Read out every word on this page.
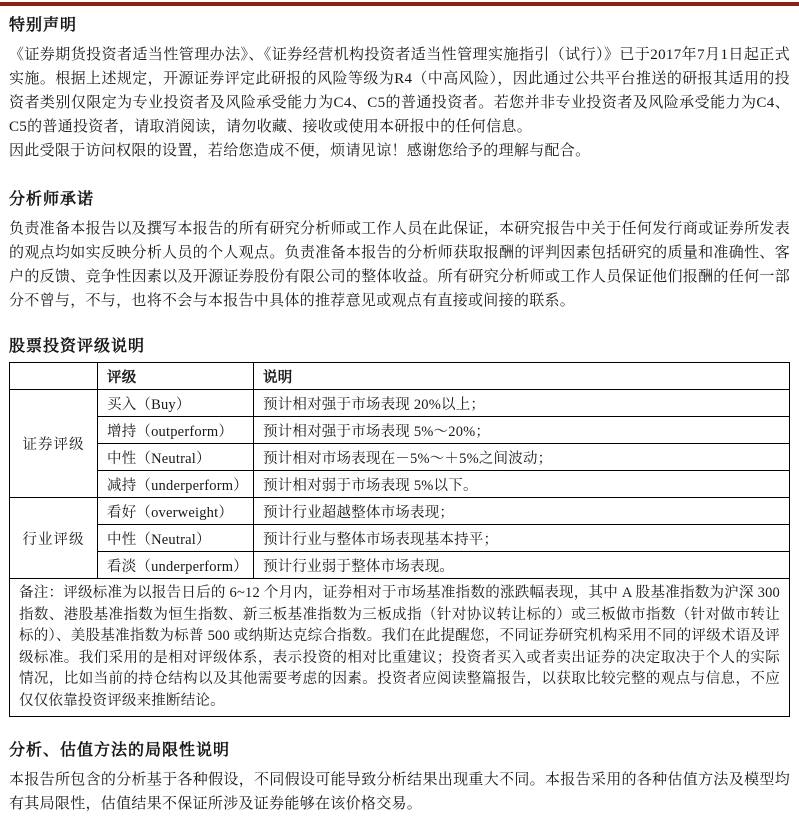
特别声明

《证券期货投资者适当性管理办法》、《证券经营机构投资者适当性管理实施指引（试行）》已于2017年7月1日起正式实施。根据上述规定，开源证券评定此研报的风险等级为R4（中高风险），因此通过公共平台推送的研报其适用的投资者类别仅限定为专业投资者及风险承受能力为C4、C5的普通投资者。若您并非专业投资者及风险承受能力为C4、C5的普通投资者，请取消阅读，请勿收藏、接收或使用本研报中的任何信息。

因此受限于访问权限的设置，若给您造成不便，烦请见谅！感谢您给予的理解与配合。

分析师承诺

负责准备本报告以及撰写本报告的所有研究分析师或工作人员在此保证，本研究报告中关于任何发行商或证券所发表的观点均如实反映分析人员的个人观点。负责准备本报告的分析师获取报酬的评判因素包括研究的质量和准确性、客户的反馈、竞争性因素以及开源证券股份有限公司的整体收益。所有研究分析师或工作人员保证他们报酬的任何一部分不曾与，不与，也将不会与本报告中具体的推荐意见或观点有直接或间接的联系。

股票投资评级说明
	评级	说明
证券评级	买入（Buy）	预计相对强于市场表现 20%以上；
	增持（outperform）	预计相对强于市场表现 5%～20%；
	中性（Neutral）	预计相对市场表现在－5%～＋5%之间波动；
	减持（underperform）	预计相对弱于市场表现 5%以下。
行业评级	看好（overweight）	预计行业超越整体市场表现；
	中性（Neutral）	预计行业与整体市场表现基本持平；
	看淡（underperform）	预计行业弱于整体市场表现。
备注：评级标准为以报告日后的 6~12 个月内，证券相对于市场基准指数的涨跌幅表现，其中 A 股基准指数为沪深 300 指数、港股基准指数为恒生指数、新三板基准指数为三板成指（针对协议转让标的）或三板做市指数（针对做市转让标的）、美股基准指数为标普 500 或纳斯达克综合指数。我们在此提醒您，不同证券研究机构采用不同的评级术语及评级标准。我们采用的是相对评级体系，表示投资的相对比重建议；投资者买入或者卖出证券的决定取决于个人的实际情况，比如当前的持仓结构以及其他需要考虑的因素。投资者应阅读整篇报告，以获取比较完整的观点与信息，不应仅仅依靠投资评级来推断结论。		
分析、估值方法的局限性说明

本报告所包含的分析基于各种假设，不同假设可能导致分析结果出现重大不同。本报告采用的各种估值方法及模型均有其局限性，估值结果不保证所涉及证券能够在该价格交易。
